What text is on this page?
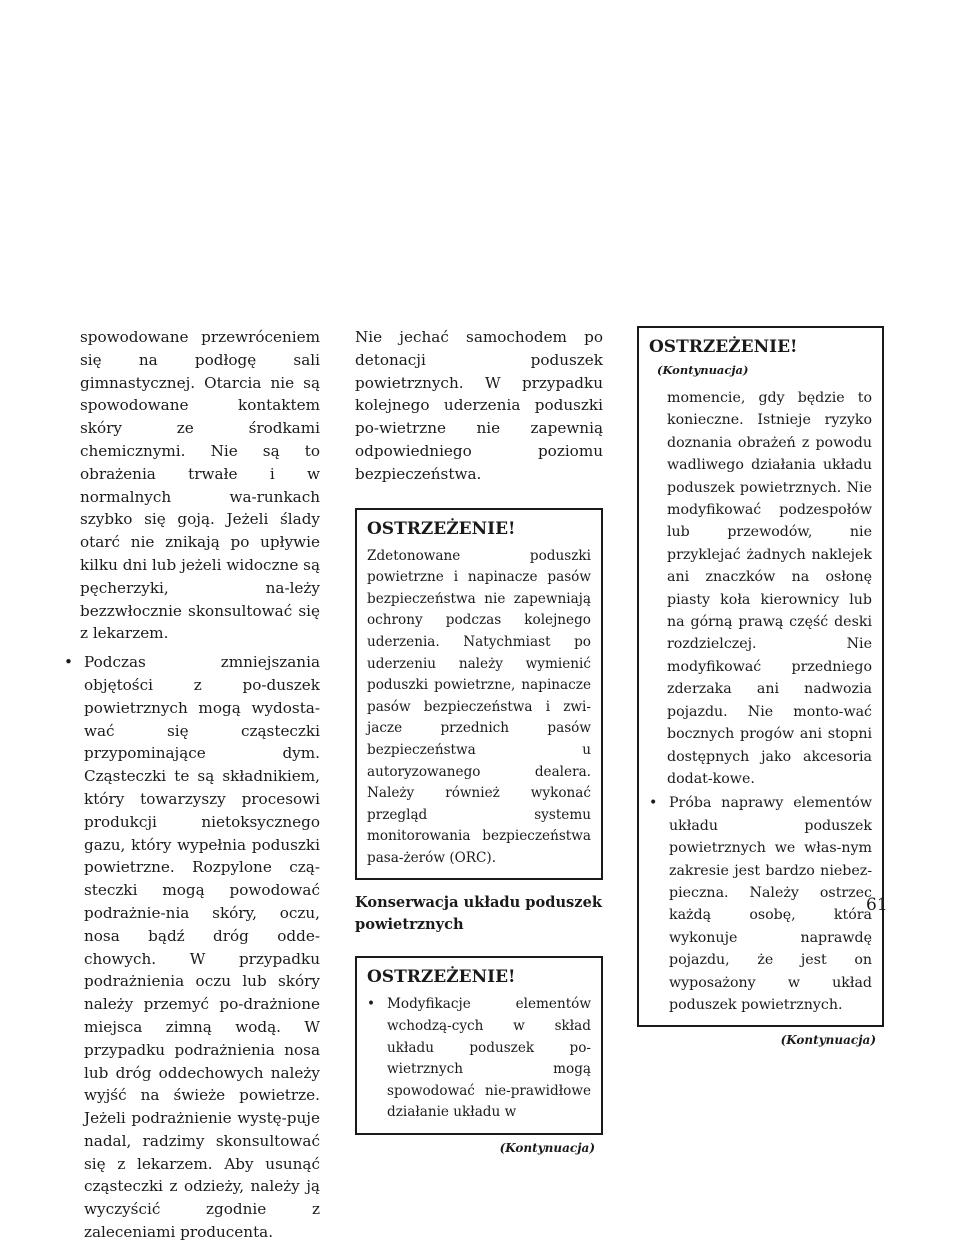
spowodowane przewróceniem się na podłogę sali gimnastycznej. Otarcia nie są spowodowane kontaktem skóry ze środkami chemicznymi. Nie są to obrażenia trwałe i w normalnych wa-runkach szybko się goją. Jeżeli ślady otarć nie znikają po upływie kilku dni lub jeżeli widoczne są pęcherzyki, na-leży bezzwłocznie skonsultować się z lekarzem.

• Podczas zmniejszania objętości z po-duszek powietrznych mogą wydosta-wać się cząsteczki przypominające dym. Cząsteczki te są składnikiem, który towarzyszy procesowi produkcji nietoksycznego gazu, który wypełnia poduszki powietrzne. Rozpylone czą-steczki mogą powodować podrażnie-nia skóry, oczu, nosa bądź dróg odde-chowych. W przypadku podrażnienia oczu lub skóry należy przemyć po-drażnione miejsca zimną wodą. W przypadku podrażnienia nosa lub dróg oddechowych należy wyjść na świeże powietrze. Jeżeli podrażnienie wystę-puje nadal, radzimy skonsultować się z lekarzem. Aby usunąć cząsteczki z odzieży, należy ją wyczyścić zgodnie z zaleceniami producenta.

Nie jechać samochodem po detonacji poduszek powietrznych. W przypadku kolejnego uderzenia poduszki po-wietrzne nie zapewnią odpowiedniego poziomu bezpieczeństwa.

OSTRZEŻENIE!

Zdetonowane poduszki powietrzne i napinacze pasów bezpieczeństwa nie zapewniają ochrony podczas kolejnego uderzenia. Natychmiast po uderzeniu należy wymienić poduszki powietrzne, napinacze pasów bezpieczeństwa i zwi-jacze przednich pasów bezpieczeństwa u autoryzowanego dealera. Należy również wykonać przegląd systemu monitorowania bezpieczeństwa pasa-żerów (ORC).

Konserwacja układu poduszek powietrznych

OSTRZEŻENIE!

• Modyfikacje elementów wchodzą-cych w skład układu poduszek po-wietrznych mogą spowodować nie-prawidłowe działanie układu w

(Kontynuacja)

OSTRZEŻENIE!(Kontynuacja)

momencie, gdy będzie to konieczne. Istnieje ryzyko doznania obrażeń z powodu wadliwego działania układu poduszek powietrznych. Nie modyfikować podzespołów lub przewodów, nie przyklejać żadnych naklejek ani znaczków na osłonę piasty koła kierownicy lub na górną prawą część deski rozdzielczej. Nie modyfikować przedniego zderzaka ani nadwozia pojazdu. Nie monto-wać bocznych progów ani stopni dostępnych jako akcesoria dodat-kowe.

• Próba naprawy elementów układu poduszek powietrznych we włas-nym zakresie jest bardzo niebez-pieczna. Należy ostrzec każdą osobę, która wykonuje naprawdę pojazdu, że jest on wyposażony w układ poduszek powietrznych.

(Kontynuacja)

61
